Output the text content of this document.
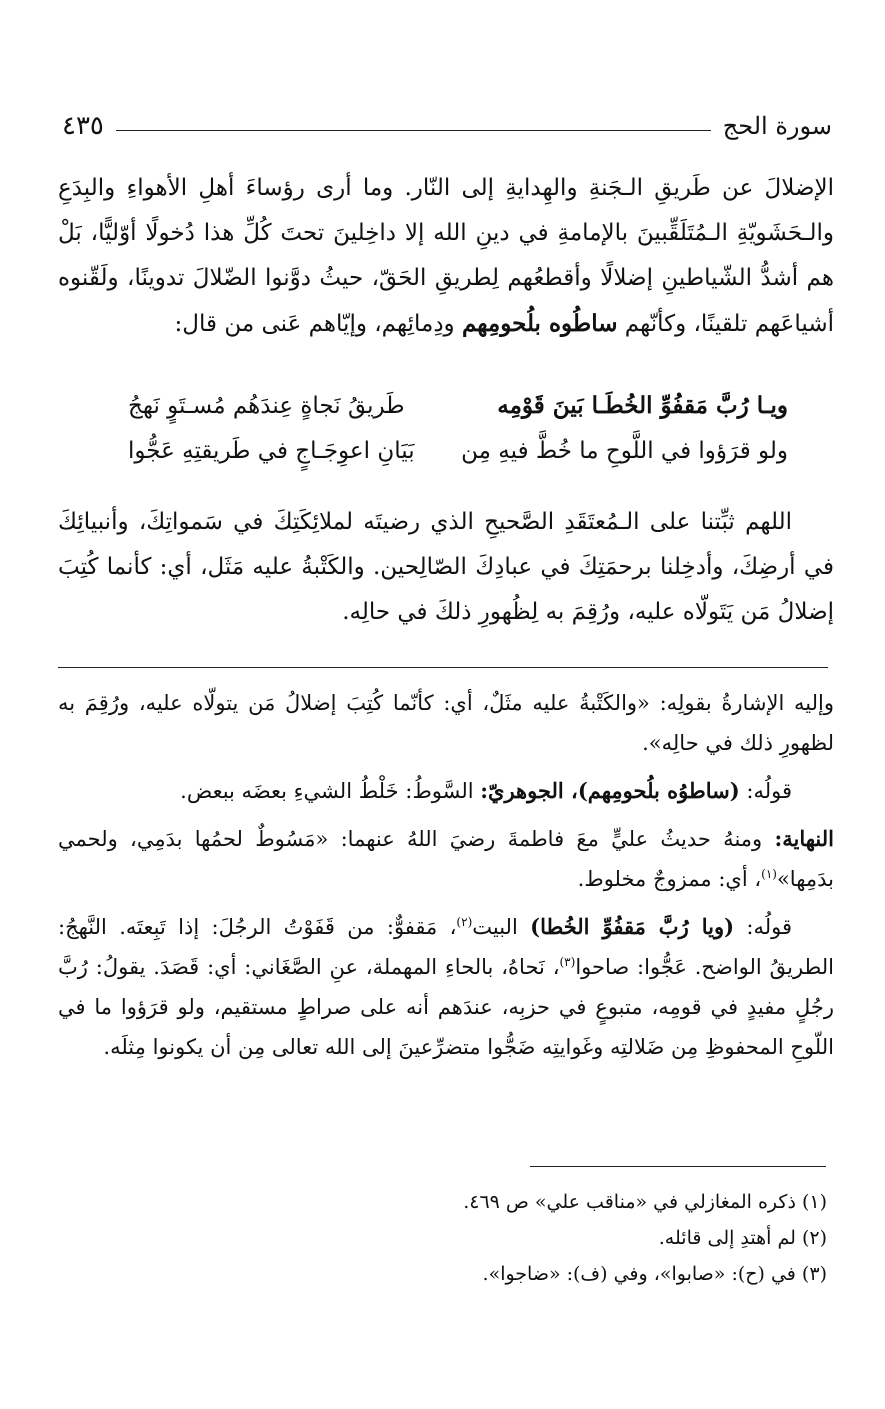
سورة الحج
٤٣٥

الإضلالَ عن طَريقِ الـجَنةِ والهِدايةِ إلى النّار. وما أرى رؤساءَ أهلِ الأهواءِ والبِدَعِ والـحَشَويّةِ الـمُتَلَقِّبينَ بالإمامةِ في دينِ الله إلا داخِلينَ تحتَ كُلِّ هذا دُخولًا أوّليًّا، بَلْ هم أشدُّ الشّياطينِ إضلالًا وأقطعُهم لِطريقِ الحَقّ، حيثُ دوَّنوا الضّلالَ تدوينًا، ولَقّنوه أشياعَهم تلقينًا، وكأنّهم ساطُوه بلُحومِهم ودِمائِهم، وإيّاهم عَنى من قال:

ويـا رُبَّ مَقفُوِّ الخُطَـا بَينَ قَوْمِه
طَريقُ نَجاةٍ عِندَهُم مُسـتَوٍ نَهجُ
ولو قرَؤوا في اللَّوحِ ما خُطَّ فيهِ مِن
بَيَانِ اعوِجَـاجٍ في طَريقتِهِ عَجُّوا

اللهم ثبِّتنا على الـمُعتَقَدِ الصَّحيحِ الذي رضيتَه لملائِكَتِكَ في سَمواتِكَ، وأنبيائِكَ في أرضِكَ، وأدخِلنا برحمَتِكَ في عبادِكَ الصّالِحين. والكَتْبةُ عليه مَثَل، أي: كأنما كُتِبَ إضلالُ مَن يَتَولّاه عليه، ورُقِمَ به لِظُهورِ ذلكَ في حالِه.

وإليه الإشارةُ بقولِه: «والكَتْبةُ عليه مثَلٌ، أي: كأنّما كُتِبَ إضلالُ مَن يتولّاه عليه، ورُقِمَ به لظهورِ ذلك في حالِه».

قولُه: (ساطوُه بلُحومِهم)، الجوهريّ: السَّوطُ: خَلْطُ الشيءِ بعضَه ببعض.

النهاية: ومنهُ حديثُ عليٍّ معَ فاطمةَ رضيَ اللهُ عنهما: «مَسُوطٌ لحمُها بدَمِي، ولحمي بدَمِها»$^{(١)}$، أي: ممزوجٌ مخلوط.

قولُه: (ويا رُبَّ مَقفُوِّ الخُطا) البيت$^{(٢)}$، مَقفوٌّ: من قَفَوْتُ الرجُلَ: إذا تَبِعتَه. النَّهجُ: الطريقُ الواضح. عَجُّوا: صاحوا$^{(٣)}$، نَحاهُ، بالحاءِ المهملة، عنِ الصَّغَاني: أي: قَصَدَ. يقولُ: رُبَّ رجُلٍ مفيدٍ في قومِه، متبوعٍ في حزبِه، عندَهم أنه على صراطٍ مستقيم، ولو قرَؤوا ما في اللّوحِ المحفوظِ مِن ضَلالتِه وغَوايتِه ضَجُّوا متضرِّعينَ إلى الله تعالى مِن أن يكونوا مِثلَه.

(١) ذكره المغازلي في «مناقب علي» ص ٤٦٩.
(٢) لم أهتدِ إلى قائله.
(٣) في (ح): «صابوا»، وفي (ف): «ضاجوا».
